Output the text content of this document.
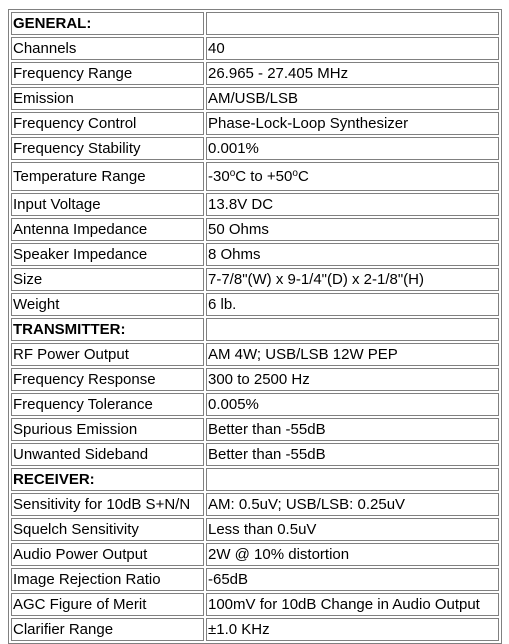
GENERAL:	
Channels	40
Frequency Range	26.965 - 27.405 MHz
Emission	AM/USB/LSB
Frequency Control	Phase-Lock-Loop Synthesizer
Frequency Stability	0.001%
Temperature Range	-30$^o$C to $+50^oC$
Input Voltage	13.8V DC
Antenna Impedance	50 Ohms
Speaker Impedance	8 Ohms
Size	7-7/8"(W) x 9-1/4"(D) x 2-1/8"(H)
Weight	6 lb.
TRANSMITTER:	
RF Power Output	AM 4W; USB/LSB 12W PEP
Frequency Response	300 to 2500 Hz
Frequency Tolerance	0.005%
Spurious Emission	Better than -55dB
Unwanted Sideband	Better than -55dB
RECEIVER:	
Sensitivity for 10dB S+N/N	AM: 0.5uV; USB/LSB: 0.25uV
Squelch Sensitivity	Less than 0.5uV
Audio Power Output	2W @ 10% distortion
Image Rejection Ratio	-65dB
AGC Figure of Merit	100mV for 10dB Change in Audio Output
Clarifier Range	±1.0 KHz
